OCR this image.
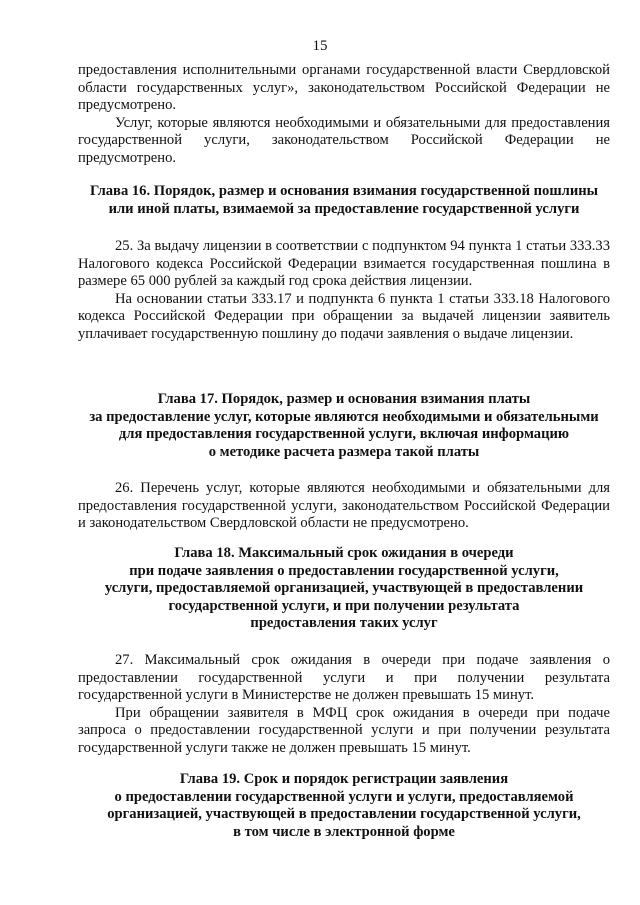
15

предоставления исполнительными органами государственной власти Свердловской области государственных услуг», законодательством Российской Федерации не предусмотрено.

Услуг, которые являются необходимыми и обязательными для предоставления государственной услуги, законодательством Российской Федерации не предусмотрено.

Глава 16. Порядок, размер и основания взимания государственной пошлины

или иной платы, взимаемой за предоставление государственной услуги

25. За выдачу лицензии в соответствии с подпунктом 94 пункта 1 статьи 333.33 Налогового кодекса Российской Федерации взимается государственная пошлина в размере 65 000 рублей за каждый год срока действия лицензии.

На основании статьи 333.17 и подпункта 6 пункта 1 статьи 333.18 Налогового кодекса Российской Федерации при обращении за выдачей лицензии заявитель уплачивает государственную пошлину до подачи заявления о выдаче лицензии.

Глава 17. Порядок, размер и основания взимания платы

за предоставление услуг, которые являются необходимыми и обязательными

для предоставления государственной услуги, включая информацию

о методике расчета размера такой платы

26. Перечень услуг, которые являются необходимыми и обязательными для предоставления государственной услуги, законодательством Российской Федерации и законодательством Свердловской области не предусмотрено.

Глава 18. Максимальный срок ожидания в очереди

при подаче заявления о предоставлении государственной услуги,

услуги, предоставляемой организацией, участвующей в предоставлении

государственной услуги, и при получении результата

предоставления таких услуг

27. Максимальный срок ожидания в очереди при подаче заявления о предоставлении государственной услуги и при получении результата государственной услуги в Министерстве не должен превышать 15 минут.

При обращении заявителя в МФЦ срок ожидания в очереди при подаче запроса о предоставлении государственной услуги и при получении результата государственной услуги также не должен превышать 15 минут.

Глава 19. Срок и порядок регистрации заявления

о предоставлении государственной услуги и услуги, предоставляемой

организацией, участвующей в предоставлении государственной услуги,

в том числе в электронной форме
